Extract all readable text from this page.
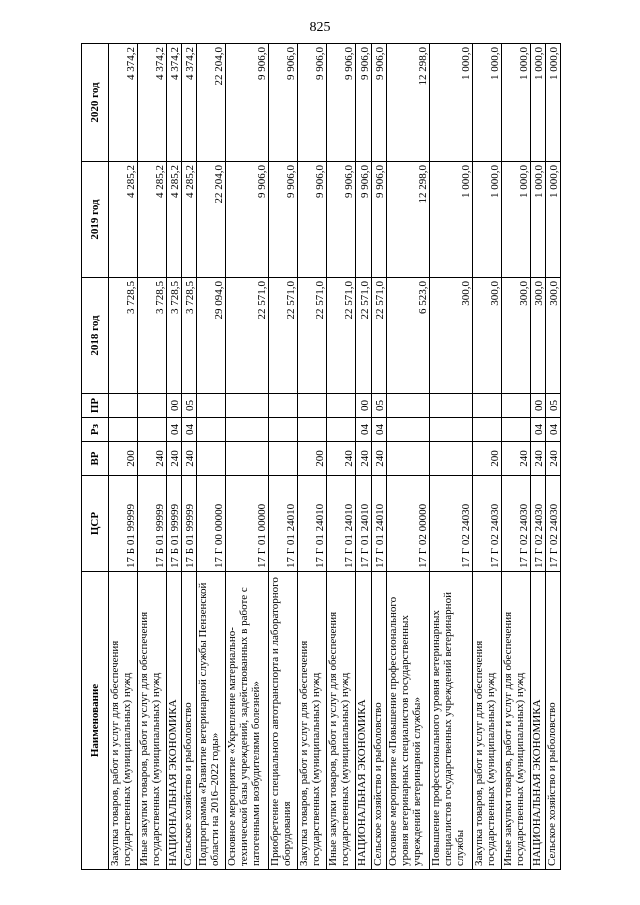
825
Наименование	ЦСР	ВР	Рз	ПР	2018 год	2019 год	2020 год
Закупка товаров, работ и услуг для обеспечения государственных (муниципальных) нужд	17 Б 01 99999	200			3 728,5	4 285,2	4 374,2
Иные закупки товаров, работ и услуг для обеспечения государственных (муниципальных) нужд	17 Б 01 99999	240			3 728,5	4 285,2	4 374,2
НАЦИОНАЛЬНАЯ ЭКОНОМИКА	17 Б 01 99999	240	04	00	3 728,5	4 285,2	4 374,2
Сельское хозяйство и рыболовство	17 Б 01 99999	240	04	05	3 728,5	4 285,2	4 374,2
Подпрограмма «Развитие ветеринарной службы Пензенской области на 2016–2022 годы»	17 Г 00 00000				29 094,0	22 204,0	22 204,0
Основное мероприятие «Укрепление материально-технической базы учреждений, задействованных в работе с патогенными возбудителями болезней»	17 Г 01 00000				22 571,0	9 906,0	9 906,0
Приобретение специального автотранспорта и лабораторного оборудования	17 Г 01 24010				22 571,0	9 906,0	9 906,0
Закупка товаров, работ и услуг для обеспечения государственных (муниципальных) нужд	17 Г 01 24010	200			22 571,0	9 906,0	9 906,0
Иные закупки товаров, работ и услуг для обеспечения государственных (муниципальных) нужд	17 Г 01 24010	240			22 571,0	9 906,0	9 906,0
НАЦИОНАЛЬНАЯ ЭКОНОМИКА	17 Г 01 24010	240	04	00	22 571,0	9 906,0	9 906,0
Сельское хозяйство и рыболовство	17 Г 01 24010	240	04	05	22 571,0	9 906,0	9 906,0
Основное мероприятие «Повышение профессионального уровня ветеринарных специалистов государственных учреждений ветеринарной службы»	17 Г 02 00000				6 523,0	12 298,0	12 298,0
Повышение профессионального уровня ветеринарных специалистов государственных учреждений ветеринарной службы	17 Г 02 24030				300,0	1 000,0	1 000,0
Закупка товаров, работ и услуг для обеспечения государственных (муниципальных) нужд	17 Г 02 24030	200			300,0	1 000,0	1 000,0
Иные закупки товаров, работ и услуг для обеспечения государственных (муниципальных) нужд	17 Г 02 24030	240			300,0	1 000,0	1 000,0
НАЦИОНАЛЬНАЯ ЭКОНОМИКА	17 Г 02 24030	240	04	00	300,0	1 000,0	1 000,0
Сельское хозяйство и рыболовство	17 Г 02 24030	240	04	05	300,0	1 000,0	1 000,0
